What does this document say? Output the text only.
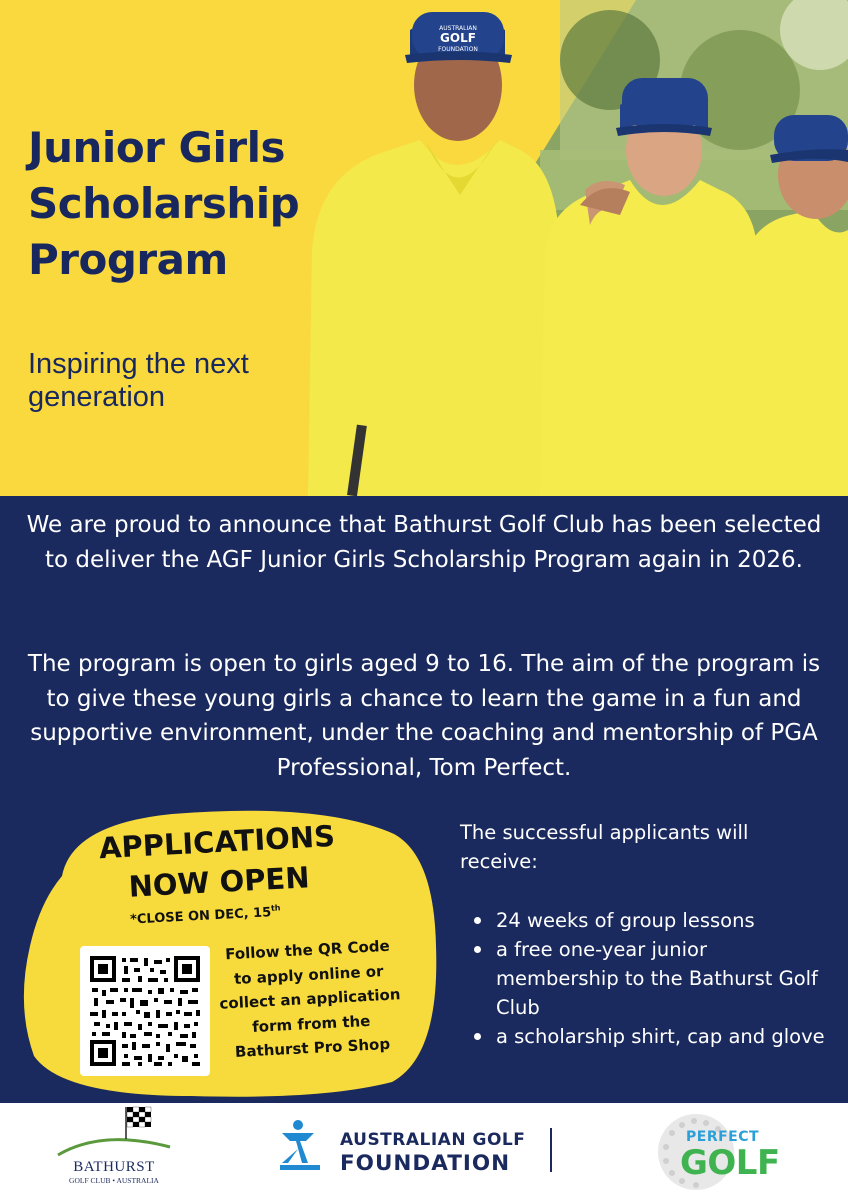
AUSTRALIAN
GOLF
FOUNDATION
Junior Girls
Scholarship
Program
Inspiring the next
generation

We are proud to announce that Bathurst Golf Club has been selected to deliver the AGF Junior Girls Scholarship Program again in 2026.

The program is open to girls aged 9 to 16. The aim of the program is to give these young girls a chance to learn the game in a fun and supportive environment, under the coaching and mentorship of PGA Professional, Tom Perfect.

APPLICATIONS
NOW OPEN
*CLOSE ON DEC, 15th

Follow the QR Code to apply online or collect an application form from the Bathurst Pro Shop

The successful applicants will receive:

24 weeks of group lessons
a free one-year junior membership to the Bathurst Golf Club
a scholarship shirt, cap and glove
BATHURST
GOLF CLUB • AUSTRALIA
AUSTRALIAN GOLF
FOUNDATION
PERFECT
GOLF
